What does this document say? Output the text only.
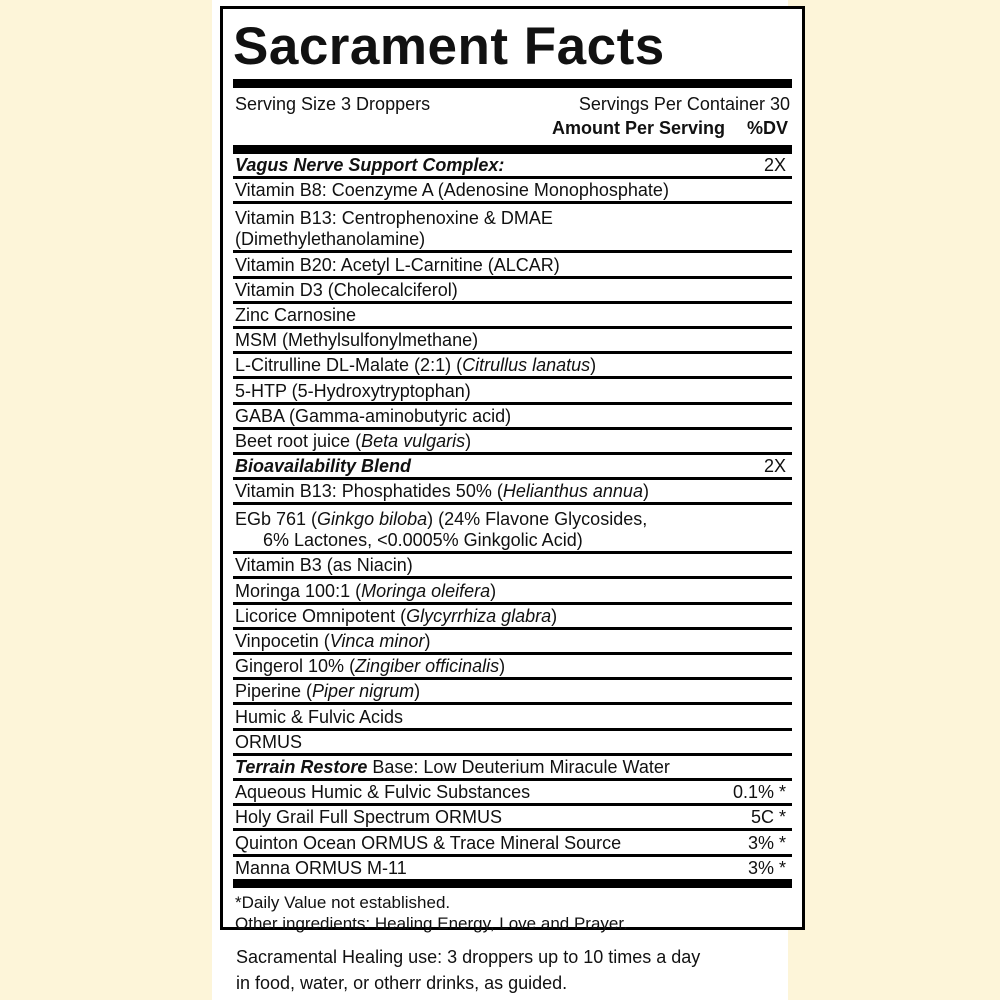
Sacrament Facts
Serving Size 3 Droppers	Servings Per Container 30
Amount Per Serving %DV
Vagus Nerve Support Complex:	2X
Vitamin B8: Coenzyme A (Adenosine Monophosphate)
Vitamin B13: Centrophenoxine & DMAE
(Dimethylethanolamine)
Vitamin B20: Acetyl L-Carnitine (ALCAR)
Vitamin D3 (Cholecalciferol)
Zinc Carnosine
MSM (Methylsulfonylmethane)
L-Citrulline DL-Malate (2:1) (Citrullus lanatus)
5-HTP (5-Hydroxytryptophan)
GABA (Gamma-aminobutyric acid)
Beet root juice (Beta vulgaris)
Bioavailability Blend	2X
Vitamin B13: Phosphatides 50% (Helianthus annua)
EGb 761 (Ginkgo biloba) (24% Flavone Glycosides,
6% Lactones, <0.0005% Ginkgolic Acid)
Vitamin B3 (as Niacin)
Moringa 100:1 (Moringa oleifera)
Licorice Omnipotent (Glycyrrhiza glabra)
Vinpocetin (Vinca minor)
Gingerol 10% (Zingiber officinalis)
Piperine (Piper nigrum)
Humic & Fulvic Acids
ORMUS
Terrain Restore Base: Low Deuterium Miracule Water
Aqueous Humic & Fulvic Substances	0.1% *
Holy Grail Full Spectrum ORMUS	5C *
Quinton Ocean ORMUS & Trace Mineral Source	3% *
Manna ORMUS M-11	3% *
*Daily Value not established.
Other ingredients: Healing Energy, Love and Prayer.
Sacramental Healing use: 3 droppers up to 10 times a day
in food, water, or otherr drinks, as guided.
